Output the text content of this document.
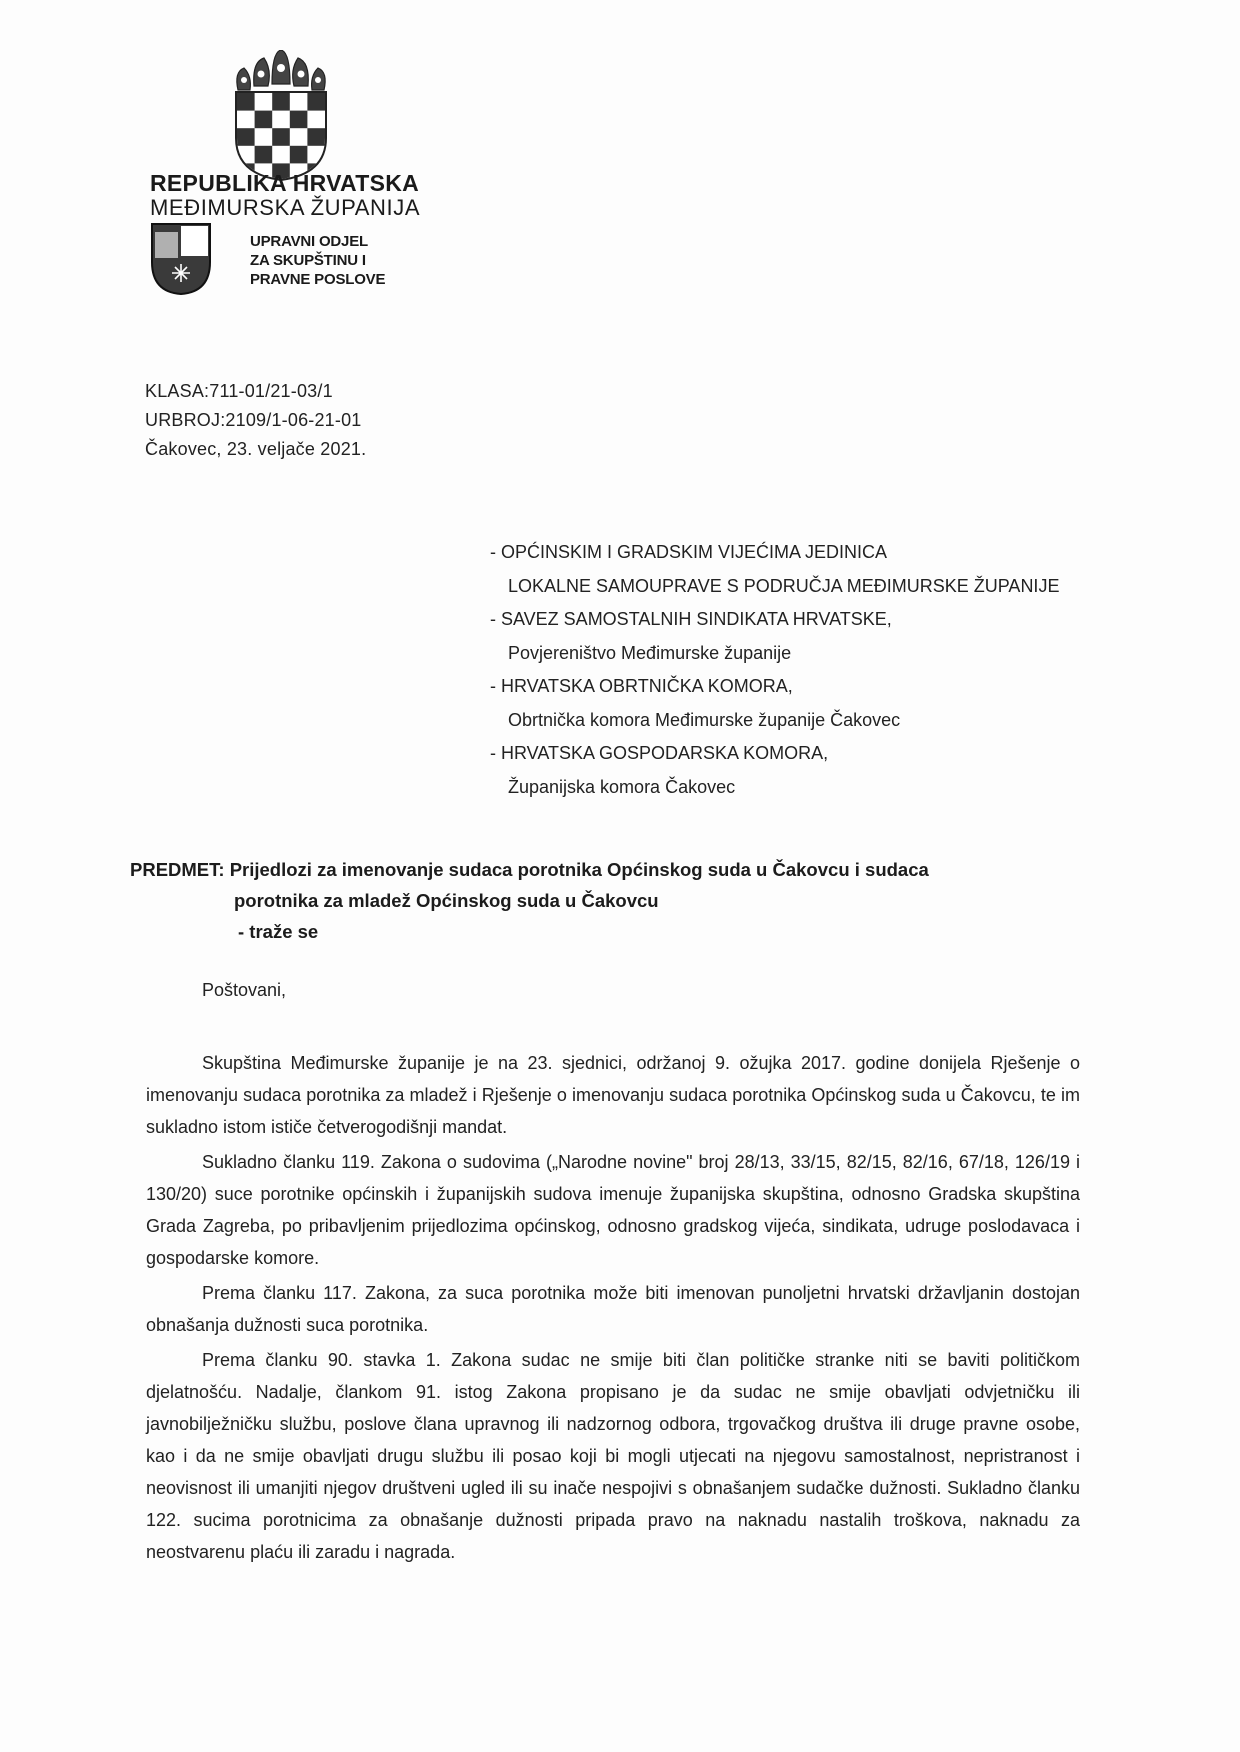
REPUBLIKA HRVATSKA
MEĐIMURSKA ŽUPANIJA
UPRAVNI ODJEL
ZA SKUPŠTINU I
PRAVNE POSLOVE
KLASA:711-01/21-03/1
URBROJ:2109/1-06-21-01
Čakovec, 23. veljače 2021.
- OPĆINSKIM I GRADSKIM VIJEĆIMA JEDINICA
LOKALNE SAMOUPRAVE S PODRUČJA MEĐIMURSKE ŽUPANIJE
- SAVEZ SAMOSTALNIH SINDIKATA HRVATSKE,
Povjereništvo Međimurske županije
- HRVATSKA OBRTNIČKA KOMORA,
Obrtnička komora Međimurske županije Čakovec
- HRVATSKA GOSPODARSKA KOMORA,
Županijska komora Čakovec
PREDMET: Prijedlozi za imenovanje sudaca porotnika Općinskog suda u Čakovcu i sudaca
porotnika za mladež Općinskog suda u Čakovcu
- traže se
Poštovani,

Skupština Međimurske županije je na 23. sjednici, održanoj 9. ožujka 2017. godine donijela Rješenje o imenovanju sudaca porotnika za mladež i Rješenje o imenovanju sudaca porotnika Općinskog suda u Čakovcu, te im sukladno istom ističe četverogodišnji mandat.

Sukladno članku 119. Zakona o sudovima („Narodne novine" broj 28/13, 33/15, 82/15, 82/16, 67/18, 126/19 i 130/20) suce porotnike općinskih i županijskih sudova imenuje županijska skupština, odnosno Gradska skupština Grada Zagreba, po pribavljenim prijedlozima općinskog, odnosno gradskog vijeća, sindikata, udruge poslodavaca i gospodarske komore.

Prema članku 117. Zakona, za suca porotnika može biti imenovan punoljetni hrvatski državljanin dostojan obnašanja dužnosti suca porotnika.

Prema članku 90. stavka 1. Zakona sudac ne smije biti član političke stranke niti se baviti političkom djelatnošću. Nadalje, člankom 91. istog Zakona propisano je da sudac ne smije obavljati odvjetničku ili javnobilježničku službu, poslove člana upravnog ili nadzornog odbora, trgovačkog društva ili druge pravne osobe, kao i da ne smije obavljati drugu službu ili posao koji bi mogli utjecati na njegovu samostalnost, nepristranost i neovisnost ili umanjiti njegov društveni ugled ili su inače nespojivi s obnašanjem sudačke dužnosti. Sukladno članku 122. sucima porotnicima za obnašanje dužnosti pripada pravo na naknadu nastalih troškova, naknadu za neostvarenu plaću ili zaradu i nagrada.
